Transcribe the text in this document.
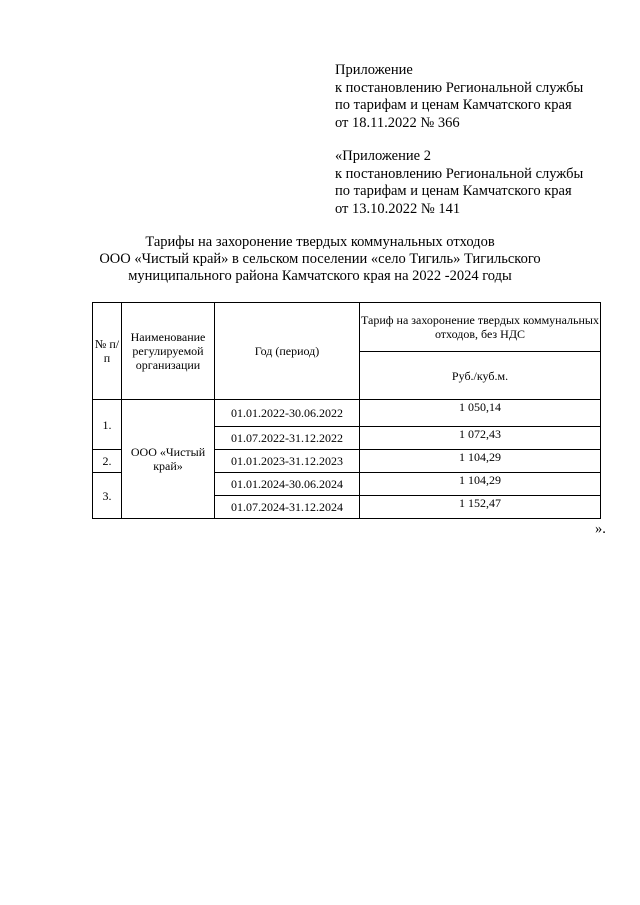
Приложение
к постановлению Региональной службы
по тарифам и ценам Камчатского края
от 18.11.2022 № 366
«Приложение 2
к постановлению Региональной службы
по тарифам и ценам Камчатского края
от 13.10.2022 № 141
Тарифы на захоронение твердых коммунальных отходов
ООО «Чистый край» в сельском поселении «село Тигиль» Тигильского
муниципального района Камчатского края на 2022 -2024 годы
№ п/п	Наименование регулируемой организации	Год (период)	Тариф на захоронение твердых коммунальных отходов, без НДС
			Руб./куб.м.
1.	ООО «Чистый край»	01.01.2022-30.06.2022	1 050,14
		01.07.2022-31.12.2022	1 072,43
2.		01.01.2023-31.12.2023	1 104,29
3.		01.01.2024-30.06.2024	1 104,29
		01.07.2024-31.12.2024	1 152,47
».
